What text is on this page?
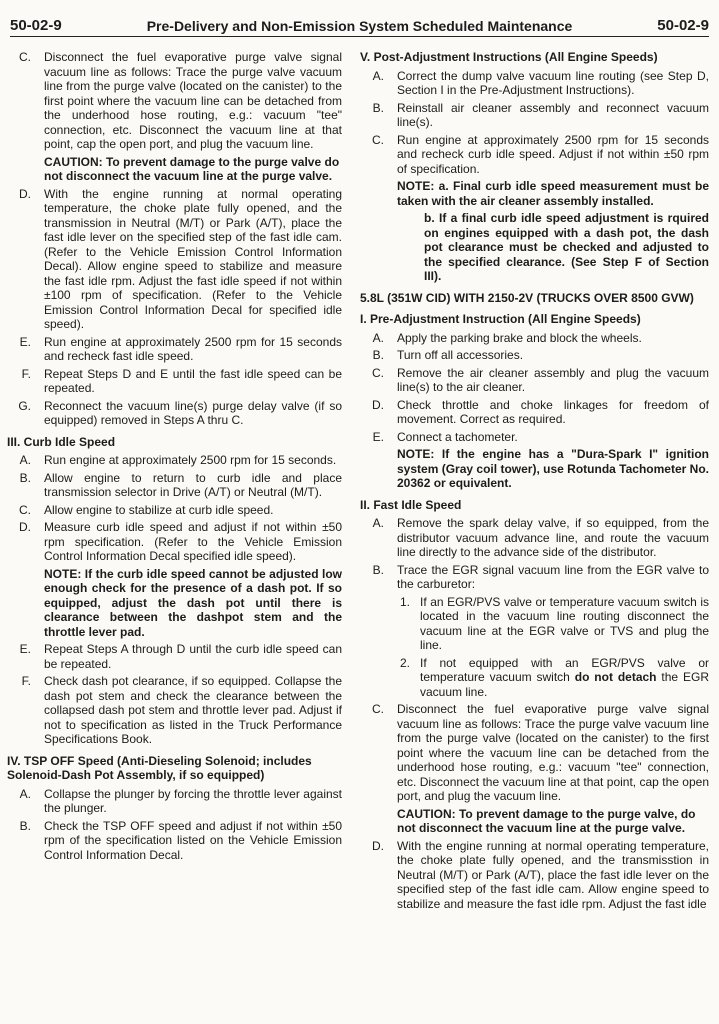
50-02-9	Pre-Delivery and Non-Emission System Scheduled Maintenance	50-02-9
C.	Disconnect the fuel evaporative purge valve signal vacuum line as follows: Trace the purge valve vacuum line from the purge valve (located on the canister) to the first point where the vacuum line can be detached from the underhood hose routing, e.g.: vacuum "tee" connection, etc. Disconnect the vacuum line at that point, cap the open port, and plug the vacuum line.
CAUTION: To prevent damage to the purge valve do not disconnect the vacuum line at the purge valve.
D.	With the engine running at normal operating temperature, the choke plate fully opened, and the transmission in Neutral (M/T) or Park (A/T), place the fast idle lever on the specified step of the fast idle cam. (Refer to the Vehicle Emission Control Information Decal). Allow engine speed to stabilize and measure the fast idle rpm. Adjust the fast idle speed if not within ±100 rpm of specification. (Refer to the Vehicle Emission Control Information Decal for specified idle speed).
E.	Run engine at approximately 2500 rpm for 15 seconds and recheck fast idle speed.
F.	Repeat Steps D and E until the fast idle speed can be repeated.
G.	Reconnect the vacuum line(s) purge delay valve (if so equipped) removed in Steps A thru C.
III. Curb Idle Speed
A.	Run engine at approximately 2500 rpm for 15 seconds.
B.	Allow engine to return to curb idle and place transmission selector in Drive (A/T) or Neutral (M/T).
C.	Allow engine to stabilize at curb idle speed.
D.	Measure curb idle speed and adjust if not within ±50 rpm specification. (Refer to the Vehicle Emission Control Information Decal specified idle speed).
NOTE: If the curb idle speed cannot be adjusted low enough check for the presence of a dash pot. If so equipped, adjust the dash pot until there is clearance between the dashpot stem and the throttle lever pad.
E.	Repeat Steps A through D until the curb idle speed can be repeated.
F.	Check dash pot clearance, if so equipped. Collapse the dash pot stem and check the clearance between the collapsed dash pot stem and throttle lever pad. Adjust if not to specification as listed in the Truck Performance Specifications Book.
IV. TSP OFF Speed (Anti-Dieseling Solenoid; includes Solenoid-Dash Pot Assembly, if so equipped)
A.	Collapse the plunger by forcing the throttle lever against the plunger.
B.	Check the TSP OFF speed and adjust if not within ±50 rpm of the specification listed on the Vehicle Emission Control Information Decal.
V. Post-Adjustment Instructions (All Engine Speeds)
A.	Correct the dump valve vacuum line routing (see Step D, Section I in the Pre-Adjustment Instructions).
B.	Reinstall air cleaner assembly and reconnect vacuum line(s).
C.	Run engine at approximately 2500 rpm for 15 seconds and recheck curb idle speed. Adjust if not within ±50 rpm of specification.
NOTE: a. Final curb idle speed measurement must be taken with the air cleaner assembly installed.
b. If a final curb idle speed adjustment is rquired on engines equipped with a dash pot, the dash pot clearance must be checked and adjusted to the specified clearance. (See Step F of Section III).
5.8L (351W CID) WITH 2150-2V (TRUCKS OVER 8500 GVW)
I. Pre-Adjustment Instruction (All Engine Speeds)
A.	Apply the parking brake and block the wheels.
B.	Turn off all accessories.
C.	Remove the air cleaner assembly and plug the vacuum line(s) to the air cleaner.
D.	Check throttle and choke linkages for freedom of movement. Correct as required.
E.	Connect a tachometer.
NOTE: If the engine has a "Dura-Spark I" ignition system (Gray coil tower), use Rotunda Tachometer No. 20362 or equivalent.
II. Fast Idle Speed
A.	Remove the spark delay valve, if so equipped, from the distributor vacuum advance line, and route the vacuum line directly to the advance side of the distributor.
B.	Trace the EGR signal vacuum line from the EGR valve to the carburetor:
1. If an EGR/PVS valve or temperature vacuum switch is located in the vacuum line routing disconnect the vacuum line at the EGR valve or TVS and plug the line.
2. If not equipped with an EGR/PVS valve or temperature vacuum switch do not detach the EGR vacuum line.
C.	Disconnect the fuel evaporative purge valve signal vacuum line as follows: Trace the purge valve vacuum line from the purge valve (located on the canister) to the first point where the vacuum line can be detached from the underhood hose routing, e.g.: vacuum "tee" connection, etc. Disconnect the vacuum line at that point, cap the open port, and plug the vacuum line.
CAUTION: To prevent damage to the purge valve, do not disconnect the vacuum line at the purge valve.
D.	With the engine running at normal operating temperature, the choke plate fully opened, and the transmisstion in Neutral (M/T) or Park (A/T), place the fast idle lever on the specified step of the fast idle cam. Allow engine speed to stabilize and measure the fast idle rpm. Adjust the fast idle
